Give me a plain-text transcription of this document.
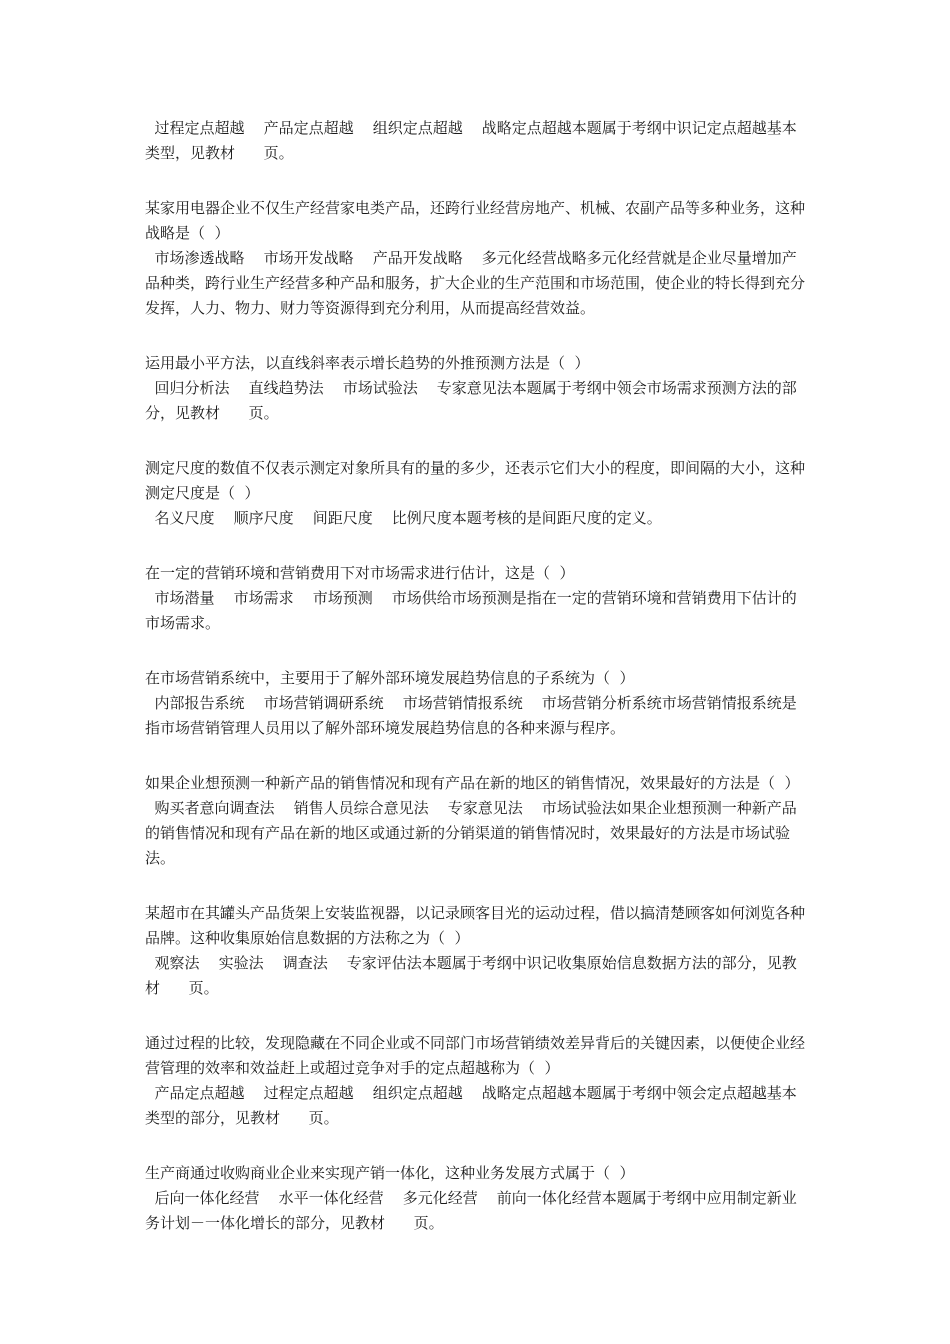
过程定点超越    产品定点超越    组织定点超越    战略定点超越本题属于考纲中识记定点超越基本类型，见教材      页。
某家用电器企业不仅生产经营家电类产品，还跨行业经营房地产、机械、农副产品等多种业务，这种战略是（  ）
市场渗透战略    市场开发战略    产品开发战略    多元化经营战略多元化经营就是企业尽量增加产品种类，跨行业生产经营多种产品和服务，扩大企业的生产范围和市场范围，使企业的特长得到充分发挥，人力、物力、财力等资源得到充分利用，从而提高经营效益。
运用最小平方法，以直线斜率表示增长趋势的外推预测方法是（  ）
回归分析法    直线趋势法    市场试验法    专家意见法本题属于考纲中领会市场需求预测方法的部分，见教材      页。
测定尺度的数值不仅表示测定对象所具有的量的多少，还表示它们大小的程度，即间隔的大小，这种测定尺度是（  ）
名义尺度    顺序尺度    间距尺度    比例尺度本题考核的是间距尺度的定义。
在一定的营销环境和营销费用下对市场需求进行估计，这是（  ）
市场潜量    市场需求    市场预测    市场供给市场预测是指在一定的营销环境和营销费用下估计的市场需求。
在市场营销系统中，主要用于了解外部环境发展趋势信息的子系统为（  ）
内部报告系统    市场营销调研系统    市场营销情报系统    市场营销分析系统市场营销情报系统是指市场营销管理人员用以了解外部环境发展趋势信息的各种来源与程序。
如果企业想预测一种新产品的销售情况和现有产品在新的地区的销售情况，效果最好的方法是（  ）
购买者意向调查法    销售人员综合意见法    专家意见法    市场试验法如果企业想预测一种新产品的销售情况和现有产品在新的地区或通过新的分销渠道的销售情况时，效果最好的方法是市场试验法。
某超市在其罐头产品货架上安装监视器，以记录顾客目光的运动过程，借以搞清楚顾客如何浏览各种品牌。这种收集原始信息数据的方法称之为（  ）
观察法    实验法    调查法    专家评估法本题属于考纲中识记收集原始信息数据方法的部分，见教材      页。
通过过程的比较，发现隐藏在不同企业或不同部门市场营销绩效差异背后的关键因素，以便使企业经营管理的效率和效益赶上或超过竞争对手的定点超越称为（  ）
产品定点超越    过程定点超越    组织定点超越    战略定点超越本题属于考纲中领会定点超越基本类型的部分，见教材      页。
生产商通过收购商业企业来实现产销一体化，这种业务发展方式属于（  ）
后向一体化经营    水平一体化经营    多元化经营    前向一体化经营本题属于考纲中应用制定新业务计划－一体化增长的部分，见教材      页。
